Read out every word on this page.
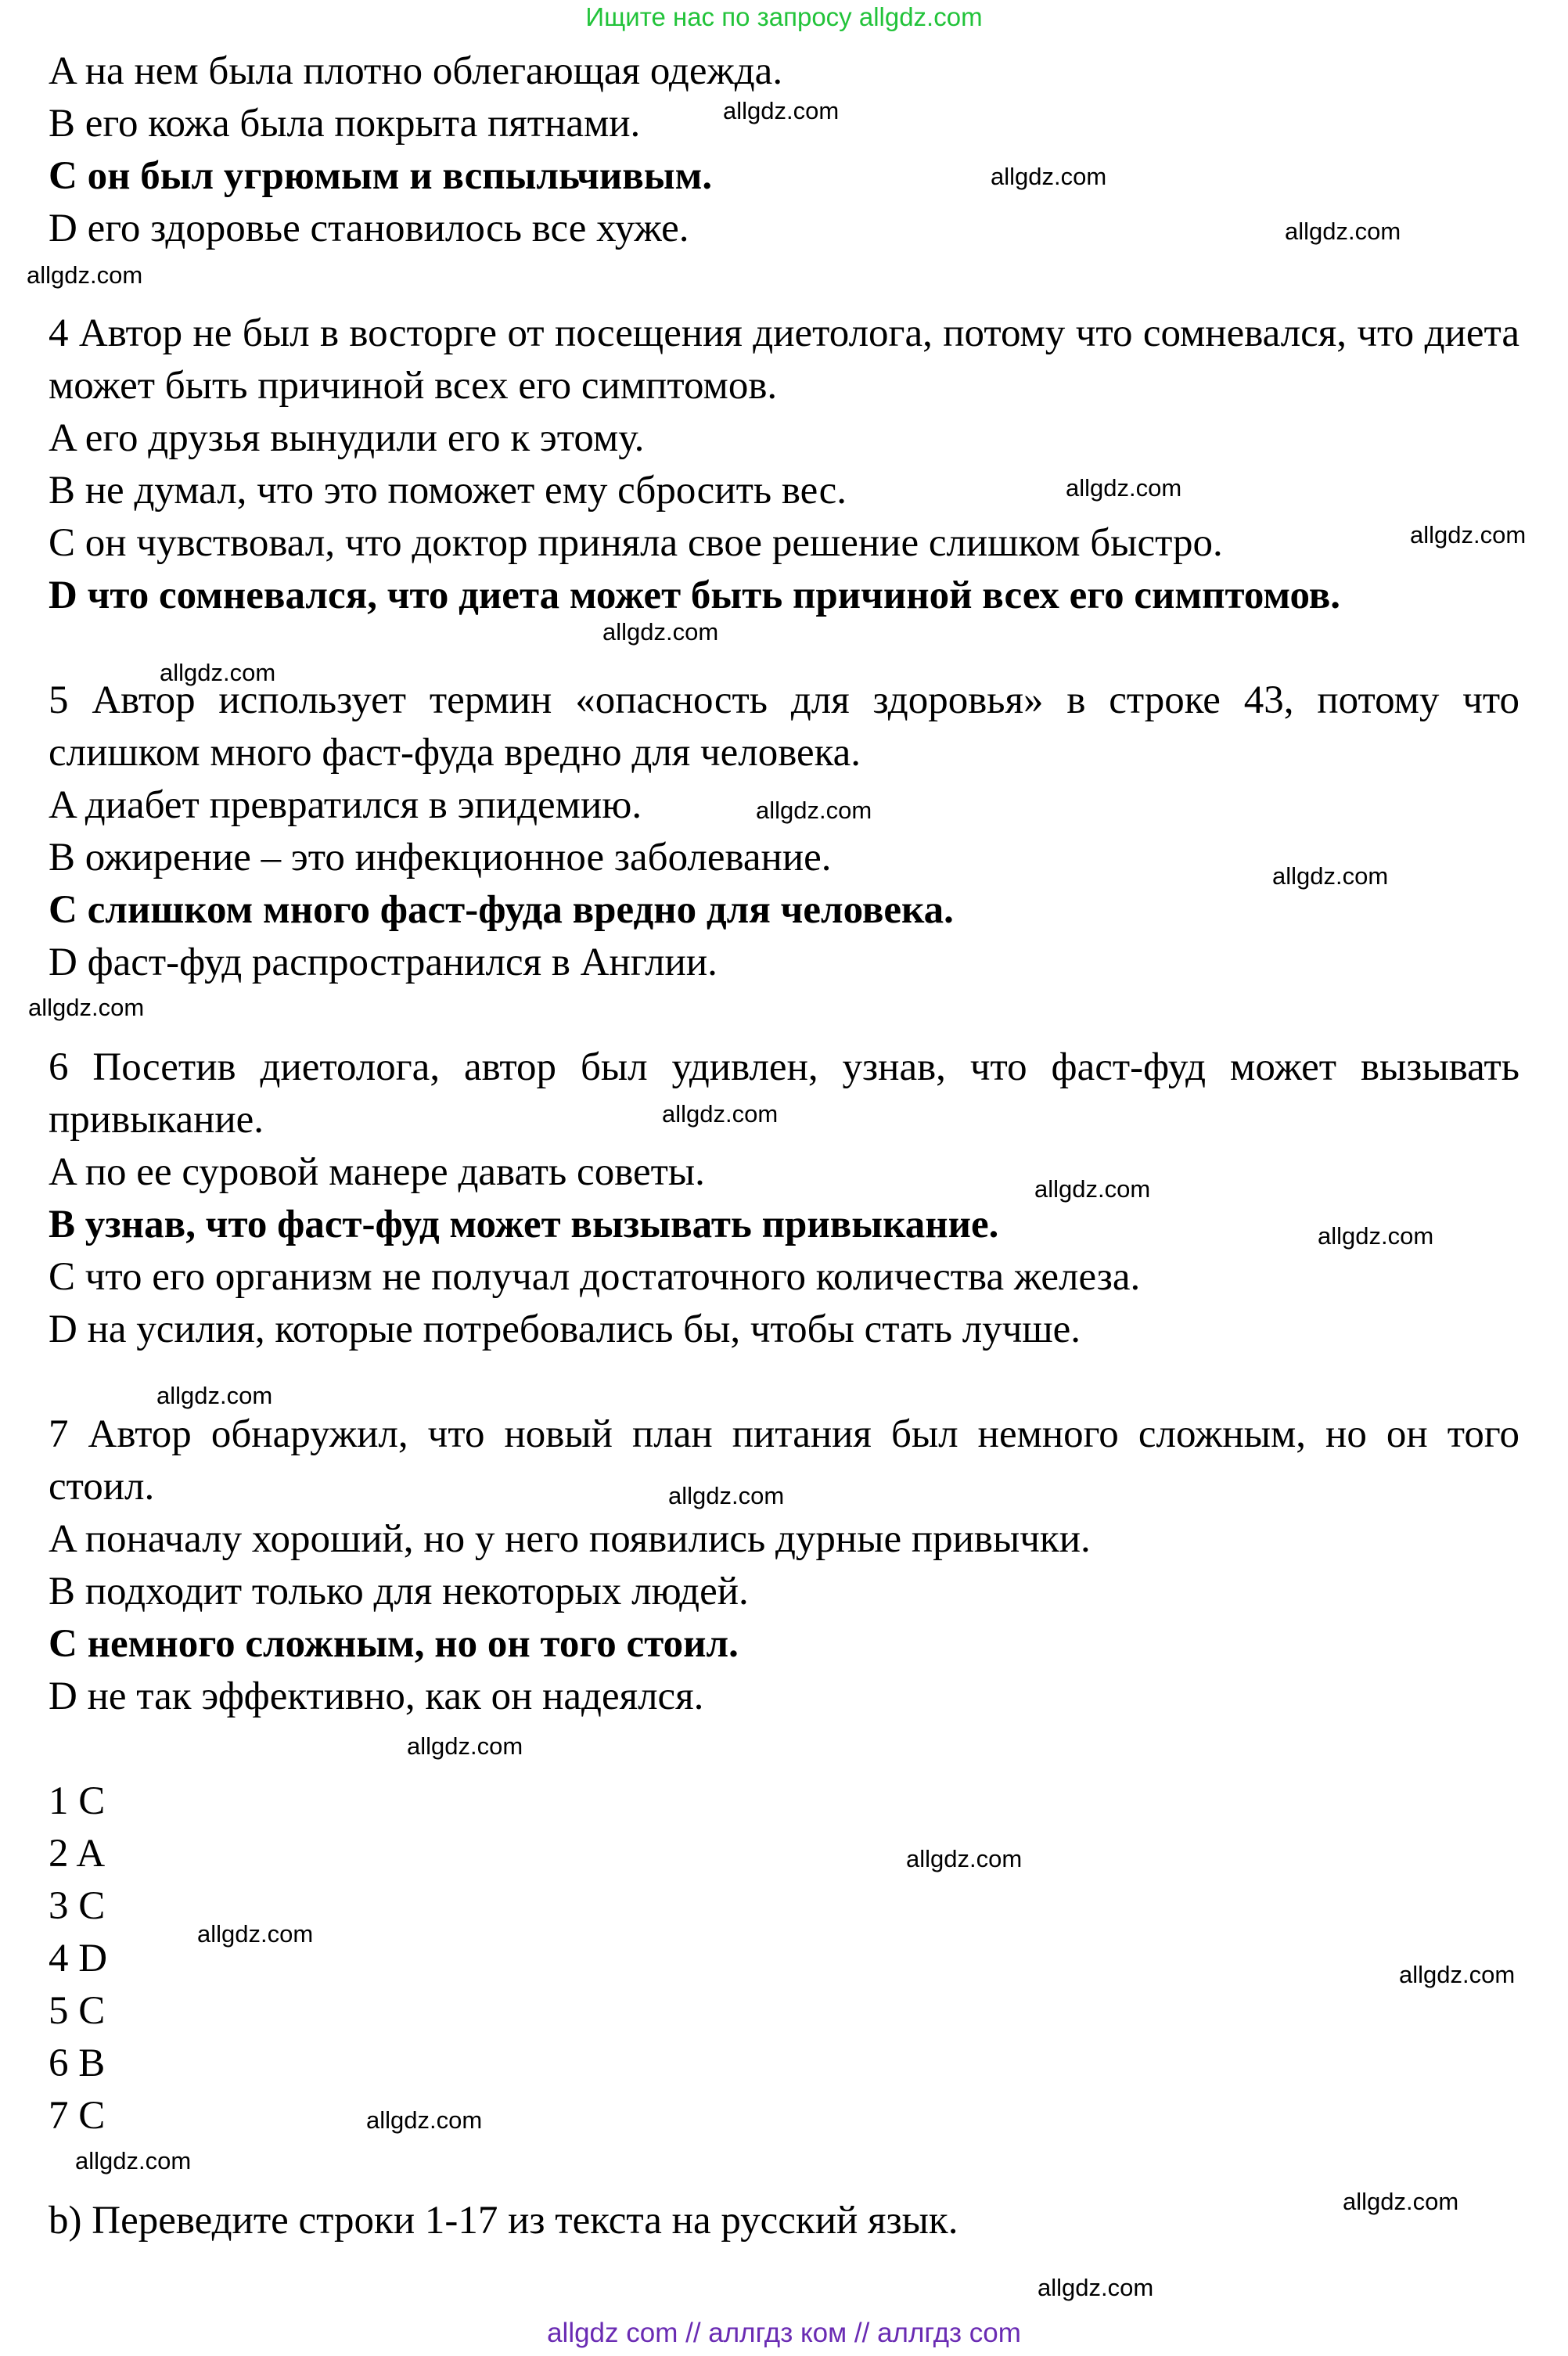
Ищите нас по запросу allgdz.com
A на нем была плотно облегающая одежда.
B его кожа была покрыта пятнами.
C он был угрюмым и вспыльчивым.
D его здоровье становилось все хуже.
4 Автор не был в восторге от посещения диетолога, потому что сомневался, что диета может быть причиной всех его симптомов.
A его друзья вынудили его к этому.
B не думал, что это поможет ему сбросить вес.
C он чувствовал, что доктор приняла свое решение слишком быстро.
D что сомневался, что диета может быть причиной всех его симптомов.
5 Автор использует термин «опасность для здоровья» в строке 43, потому что слишком много фаст-фуда вредно для человека.
A диабет превратился в эпидемию.
B ожирение – это инфекционное заболевание.
C слишком много фаст-фуда вредно для человека.
D фаст-фуд распространился в Англии.
6 Посетив диетолога, автор был удивлен, узнав, что фаст-фуд может вызывать привыкание.
A по ее суровой манере давать советы.
B узнав, что фаст-фуд может вызывать привыкание.
C что его организм не получал достаточного количества железа.
D на усилия, которые потребовались бы, чтобы стать лучше.
7 Автор обнаружил, что новый план питания был немного сложным, но он того стоил.
A поначалу хороший, но у него появились дурные привычки.
B подходит только для некоторых людей.
C немного сложным, но он того стоил.
D не так эффективно, как он надеялся.
1 C
2 A
3 C
4 D
5 C
6 B
7 C
b) Переведите строки 1-17 из текста на русский язык.
allgdz.com
allgdz.com
allgdz.com
allgdz.com
allgdz.com
allgdz.com
allgdz.com
allgdz.com
allgdz.com
allgdz.com
allgdz.com
allgdz.com
allgdz.com
allgdz.com
allgdz.com
allgdz.com
allgdz.com
allgdz.com
allgdz.com
allgdz.com
allgdz.com
allgdz.com
allgdz.com
allgdz.com
allgdz com // аллгдз ком // аллгдз com
